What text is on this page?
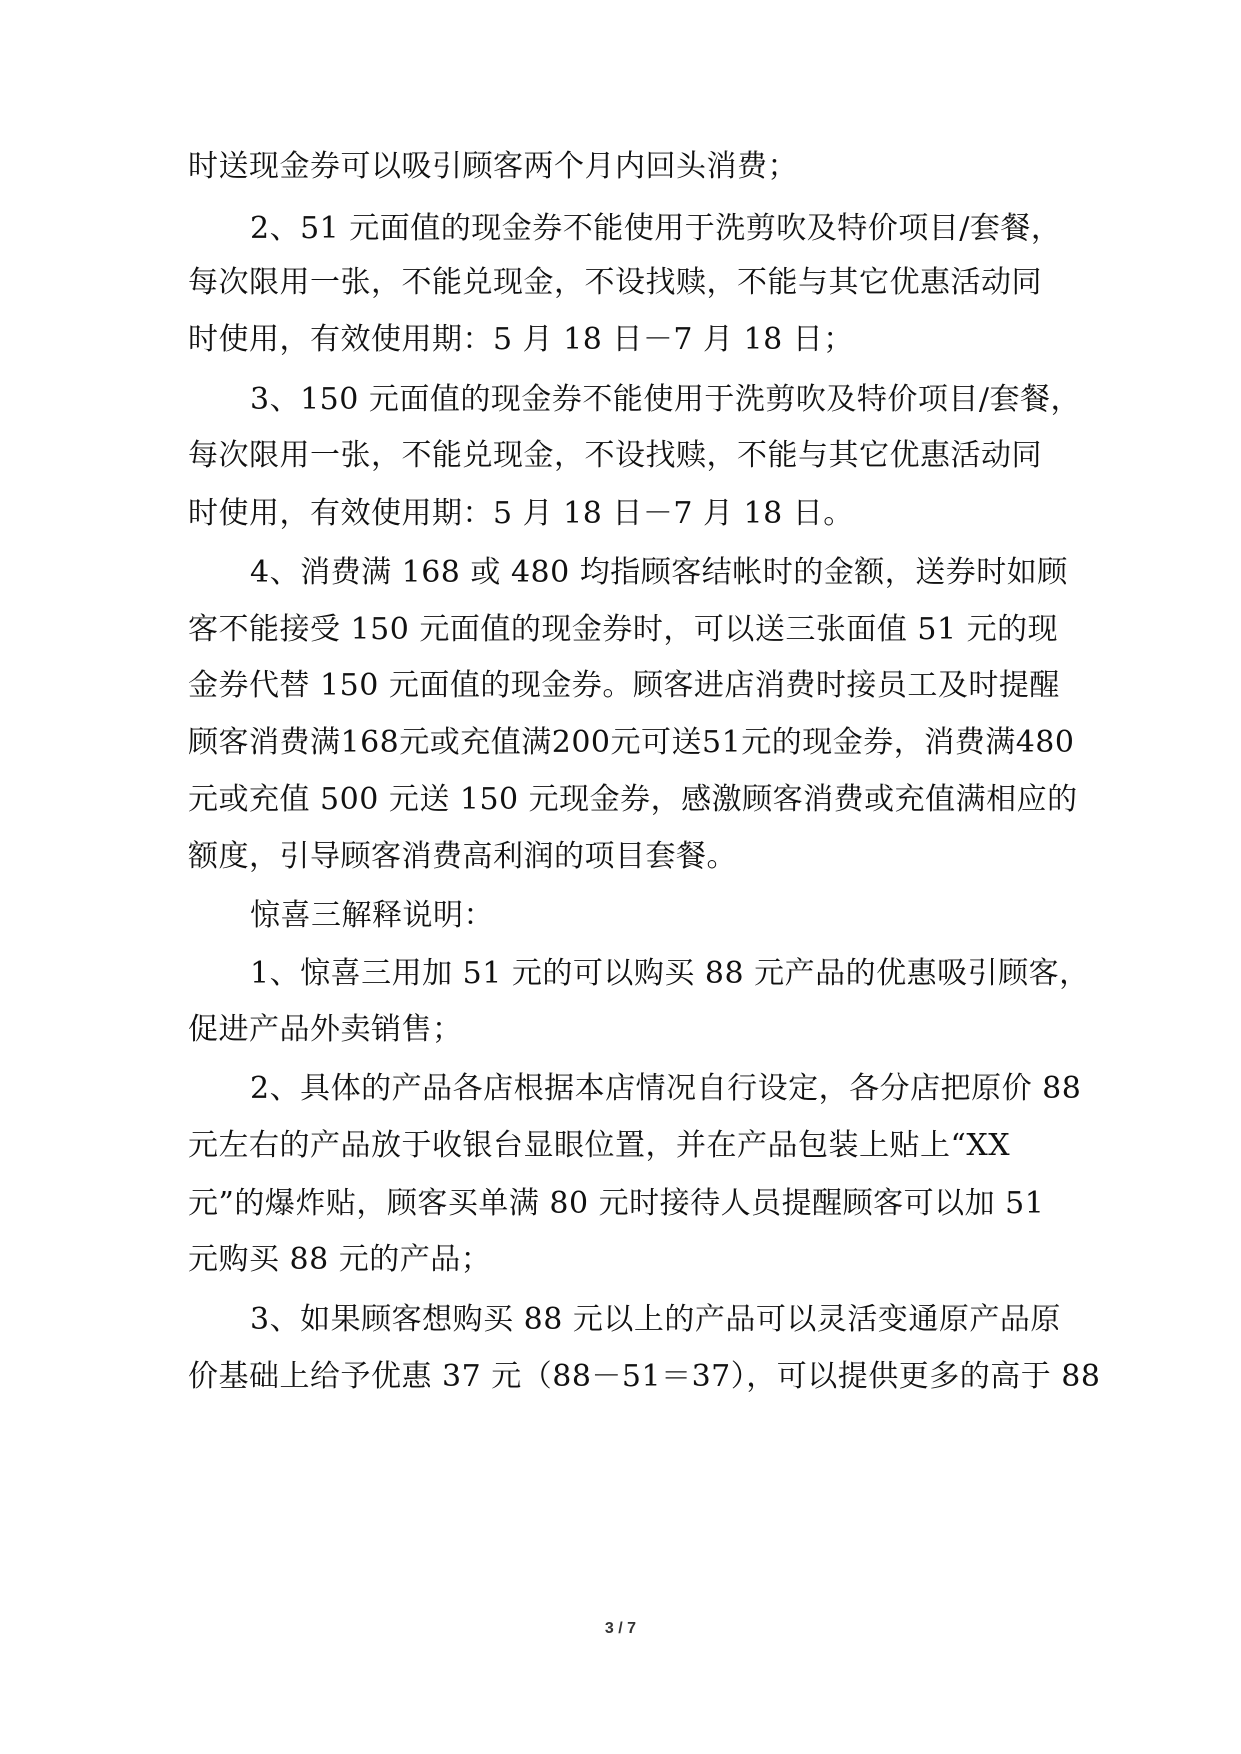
时送现金券可以吸引顾客两个月内回头消费；
2、51 元面值的现金券不能使用于洗剪吹及特价项目/套餐，
每次限用一张，不能兑现金，不设找赎，不能与其它优惠活动同
时使用，有效使用期：5 月 18 日－7 月 18 日；
3、150 元面值的现金券不能使用于洗剪吹及特价项目/套餐，
每次限用一张，不能兑现金，不设找赎，不能与其它优惠活动同
时使用，有效使用期：5 月 18 日－7 月 18 日。
4、消费满 168 或 480 均指顾客结帐时的金额，送券时如顾
客不能接受 150 元面值的现金券时，可以送三张面值 51 元的现
金券代替 150 元面值的现金券。顾客进店消费时接员工及时提醒
顾客消费满168元或充值满200元可送51元的现金券，消费满480
元或充值 500 元送 150 元现金券，感激顾客消费或充值满相应的
额度，引导顾客消费高利润的项目套餐。
惊喜三解释说明：
1、惊喜三用加 51 元的可以购买 88 元产品的优惠吸引顾客，
促进产品外卖销售；
2、具体的产品各店根据本店情况自行设定，各分店把原价 88
元左右的产品放于收银台显眼位置，并在产品包装上贴上“XX
元”的爆炸贴，顾客买单满 80 元时接待人员提醒顾客可以加 51
元购买 88 元的产品；
3、如果顾客想购买 88 元以上的产品可以灵活变通原产品原
价基础上给予优惠 37 元（88－51＝37），可以提供更多的高于 88
3 / 7
